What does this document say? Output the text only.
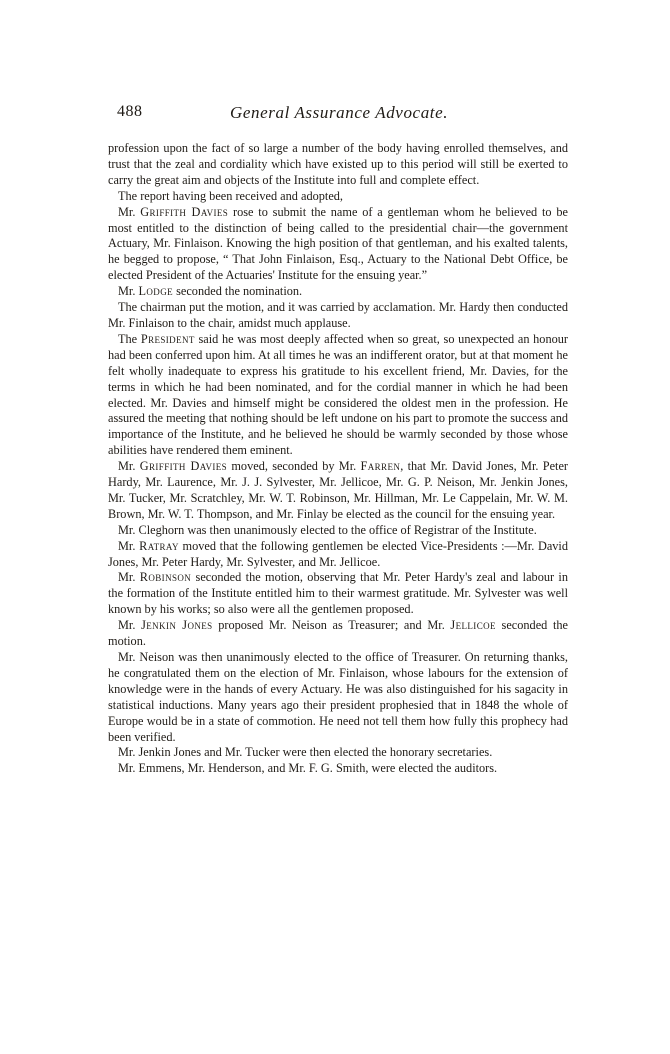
488	General Assurance Advocate.

profession upon the fact of so large a number of the body having enrolled themselves, and trust that the zeal and cordiality which have existed up to this period will still be exerted to carry the great aim and objects of the Institute into full and complete effect.

The report having been received and adopted,

Mr. Griffith Davies rose to submit the name of a gentleman whom he believed to be most entitled to the distinction of being called to the presidential chair—the government Actuary, Mr. Finlaison. Knowing the high position of that gentleman, and his exalted talents, he begged to propose, “ That John Finlaison, Esq., Actuary to the National Debt Office, be elected President of the Actuaries' Institute for the ensuing year.”

Mr. Lodge seconded the nomination.

The chairman put the motion, and it was carried by acclamation. Mr. Hardy then conducted Mr. Finlaison to the chair, amidst much applause.

The President said he was most deeply affected when so great, so unexpected an honour had been conferred upon him. At all times he was an indifferent orator, but at that moment he felt wholly inadequate to express his gratitude to his excellent friend, Mr. Davies, for the terms in which he had been nominated, and for the cordial manner in which he had been elected. Mr. Davies and himself might be considered the oldest men in the profession. He assured the meeting that nothing should be left undone on his part to promote the success and importance of the Institute, and he believed he should be warmly seconded by those whose abilities have rendered them eminent.

Mr. Griffith Davies moved, seconded by Mr. Farren, that Mr. David Jones, Mr. Peter Hardy, Mr. Laurence, Mr. J. J. Sylvester, Mr. Jellicoe, Mr. G. P. Neison, Mr. Jenkin Jones, Mr. Tucker, Mr. Scratchley, Mr. W. T. Robinson, Mr. Hillman, Mr. Le Cappelain, Mr. W. M. Brown, Mr. W. T. Thompson, and Mr. Finlay be elected as the council for the ensuing year.

Mr. Cleghorn was then unanimously elected to the office of Registrar of the Institute.

Mr. Ratray moved that the following gentlemen be elected Vice-Presidents :—Mr. David Jones, Mr. Peter Hardy, Mr. Sylvester, and Mr. Jellicoe.

Mr. Robinson seconded the motion, observing that Mr. Peter Hardy's zeal and labour in the formation of the Institute entitled him to their warmest gratitude. Mr. Sylvester was well known by his works; so also were all the gentlemen proposed.

Mr. Jenkin Jones proposed Mr. Neison as Treasurer; and Mr. Jellicoe seconded the motion.

Mr. Neison was then unanimously elected to the office of Treasurer. On returning thanks, he congratulated them on the election of Mr. Finlaison, whose labours for the extension of knowledge were in the hands of every Actuary. He was also distinguished for his sagacity in statistical inductions. Many years ago their president prophesied that in 1848 the whole of Europe would be in a state of commotion. He need not tell them how fully this prophecy had been verified.

Mr. Jenkin Jones and Mr. Tucker were then elected the honorary secretaries.

Mr. Emmens, Mr. Henderson, and Mr. F. G. Smith, were elected the auditors.
